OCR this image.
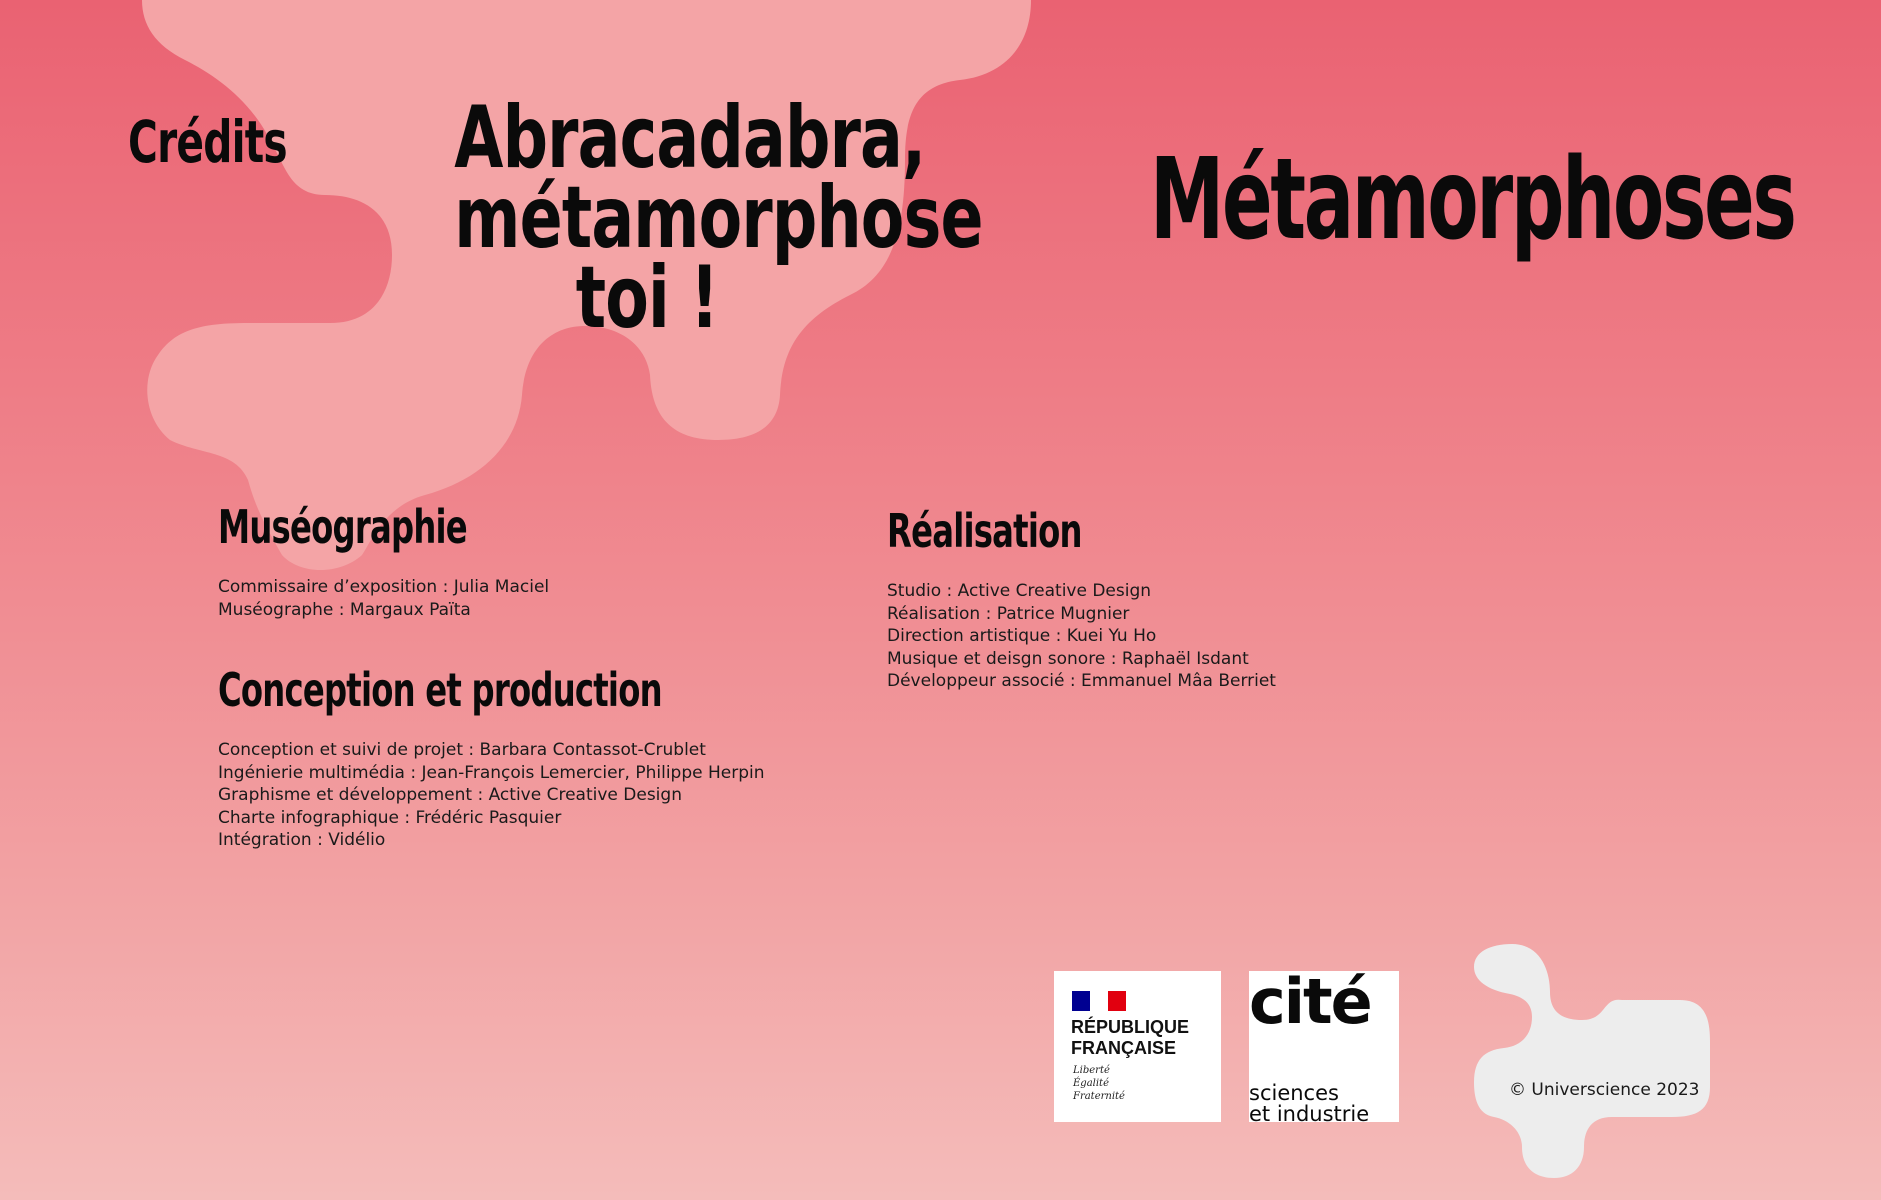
Crédits Abracadabra,
métamorphose toi !
Métamorphoses
Muséographie
Commissaire d’exposition : Julia Maciel
Muséographe : Margaux Païta
Conception et production
Conception et suivi de projet : Barbara Contassot-Crublet
Ingénierie multimédia : Jean-François Lemercier, Philippe Herpin
Graphisme et développement : Active Creative Design
Charte infographique : Frédéric Pasquier
Intégration : Vidélio
Réalisation
Studio : Active Creative Design
Réalisation : Patrice Mugnier
Direction artistique : Kuei Yu Ho
Musique et deisgn sonore : Raphaël Isdant
Développeur associé : Emmanuel Mâa Berriet
RÉPUBLIQUE
FRANÇAISE
Liberté
Égalité
Fraternité
cité
sciences
et industrie
© Universcience 2023
